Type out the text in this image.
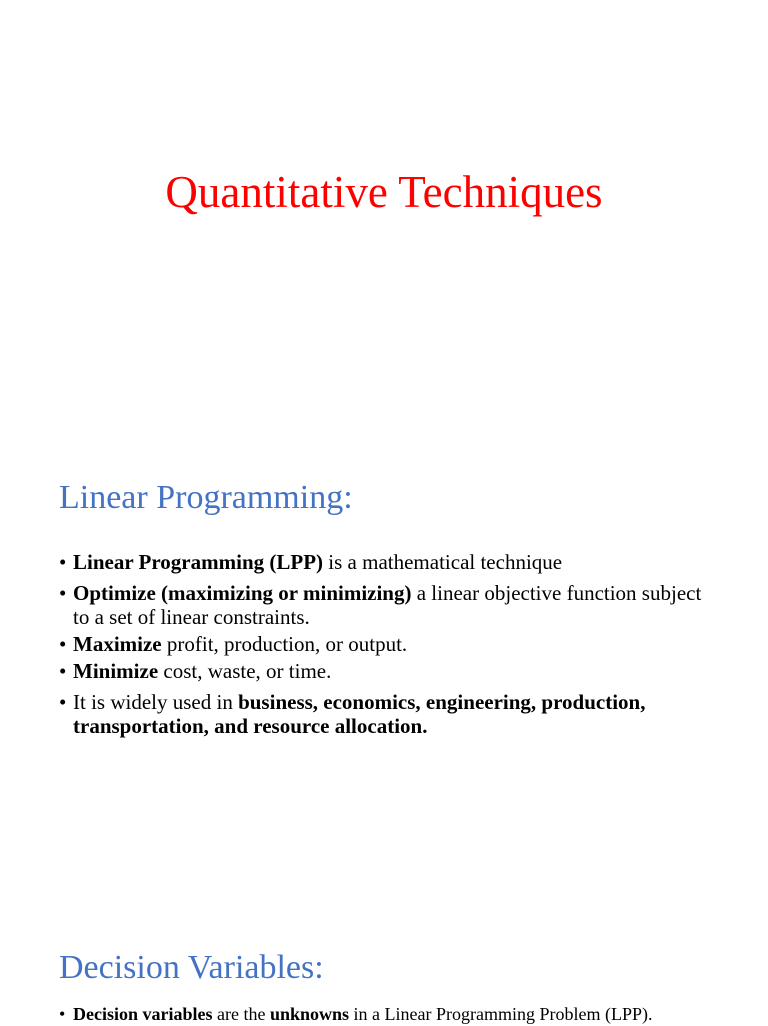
Quantitative Techniques
Linear Programming:
• Linear Programming (LPP) is a mathematical technique
• Optimize (maximizing or minimizing) a linear objective function subject to a set of linear constraints.
• Maximize profit, production, or output.
• Minimize cost, waste, or time.
• It is widely used in business, economics, engineering, production, transportation, and resource allocation.
Decision Variables:
• Decision variables are the unknowns in a Linear Programming Problem (LPP).
